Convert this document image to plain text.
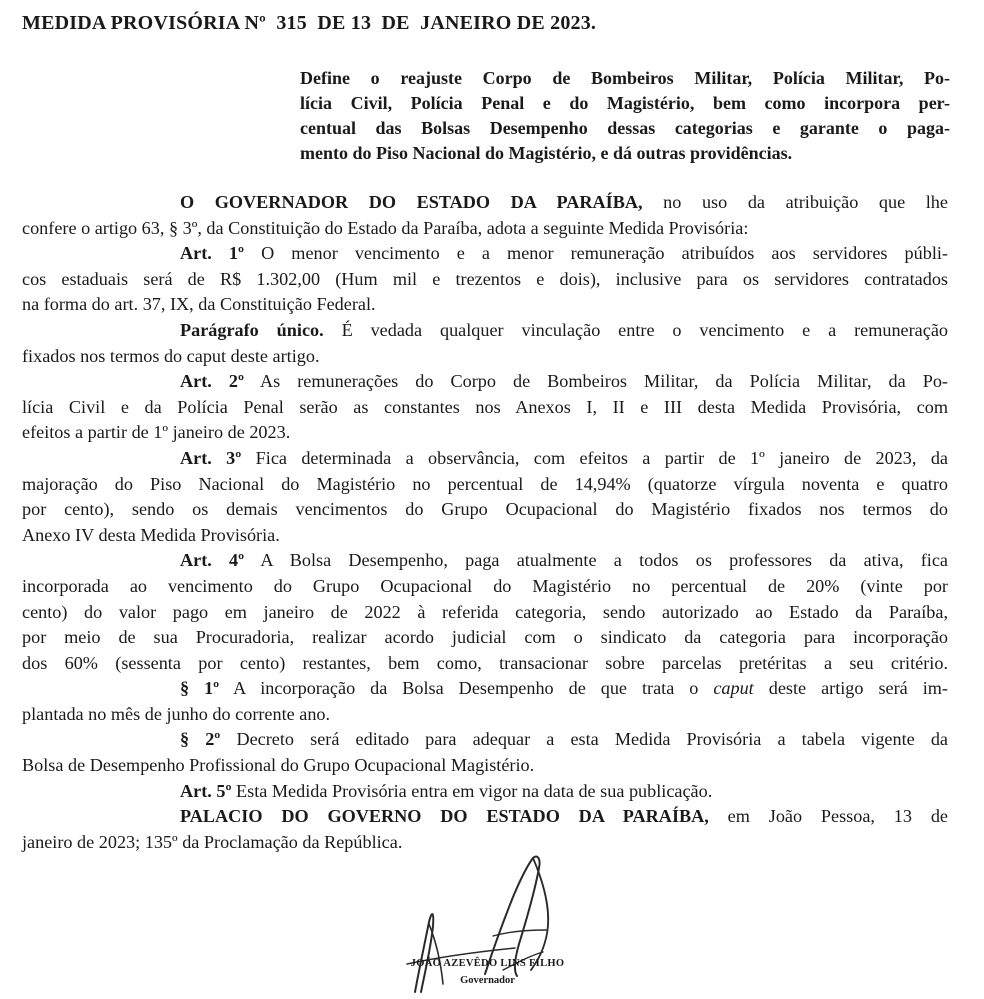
MEDIDA PROVISÓRIA Nº  315  DE 13  DE  JANEIRO DE 2023.
Define o reajuste Corpo de Bombeiros Militar, Polícia Militar, Po-
lícia Civil, Polícia Penal e do Magistério, bem como incorpora per-
centual das Bolsas Desempenho dessas categorias e garante o paga-
mento do Piso Nacional do Magistério, e dá outras providências.
O GOVERNADOR DO ESTADO DA PARAÍBA, no uso da atribuição que lhe
confere o artigo 63, § 3º, da Constituição do Estado da Paraíba, adota a seguinte Medida Provisória:
Art. 1º O menor vencimento e a menor remuneração atribuídos aos servidores públi-
cos estaduais será de R$ 1.302,00 (Hum mil e trezentos e dois), inclusive para os servidores contratados
na forma do art. 37, IX, da Constituição Federal.
Parágrafo único. É vedada qualquer vinculação entre o vencimento e a remuneração
fixados nos termos do caput deste artigo.
Art. 2º As remunerações do Corpo de Bombeiros Militar, da Polícia Militar, da Po-
lícia Civil e da Polícia Penal serão as constantes nos Anexos I, II e III desta Medida Provisória, com
efeitos a partir de 1º janeiro de 2023.
Art. 3º Fica determinada a observância, com efeitos a partir de 1º janeiro de 2023, da
majoração do Piso Nacional do Magistério no percentual de 14,94% (quatorze vírgula noventa e quatro
por cento), sendo os demais vencimentos do Grupo Ocupacional do Magistério fixados nos termos do
Anexo IV desta Medida Provisória.
Art. 4º A Bolsa Desempenho, paga atualmente a todos os professores da ativa, fica
incorporada ao vencimento do Grupo Ocupacional do Magistério no percentual de 20% (vinte por
cento) do valor pago em janeiro de 2022 à referida categoria, sendo autorizado ao Estado da Paraíba,
por meio de sua Procuradoria, realizar acordo judicial com o sindicato da categoria para incorporação
dos 60% (sessenta por cento) restantes, bem como, transacionar sobre parcelas pretéritas a seu critério.
§ 1º A incorporação da Bolsa Desempenho de que trata o caput deste artigo será im-
plantada no mês de junho do corrente ano.
§ 2º Decreto será editado para adequar a esta Medida Provisória a tabela vigente da
Bolsa de Desempenho Profissional do Grupo Ocupacional Magistério.
Art. 5º Esta Medida Provisória entra em vigor na data de sua publicação.
PALACIO DO GOVERNO DO ESTADO DA PARAÍBA, em João Pessoa, 13 de
janeiro de 2023; 135º da Proclamação da República.
JOÃO AZEVÊDO LINS FILHO
Governador
